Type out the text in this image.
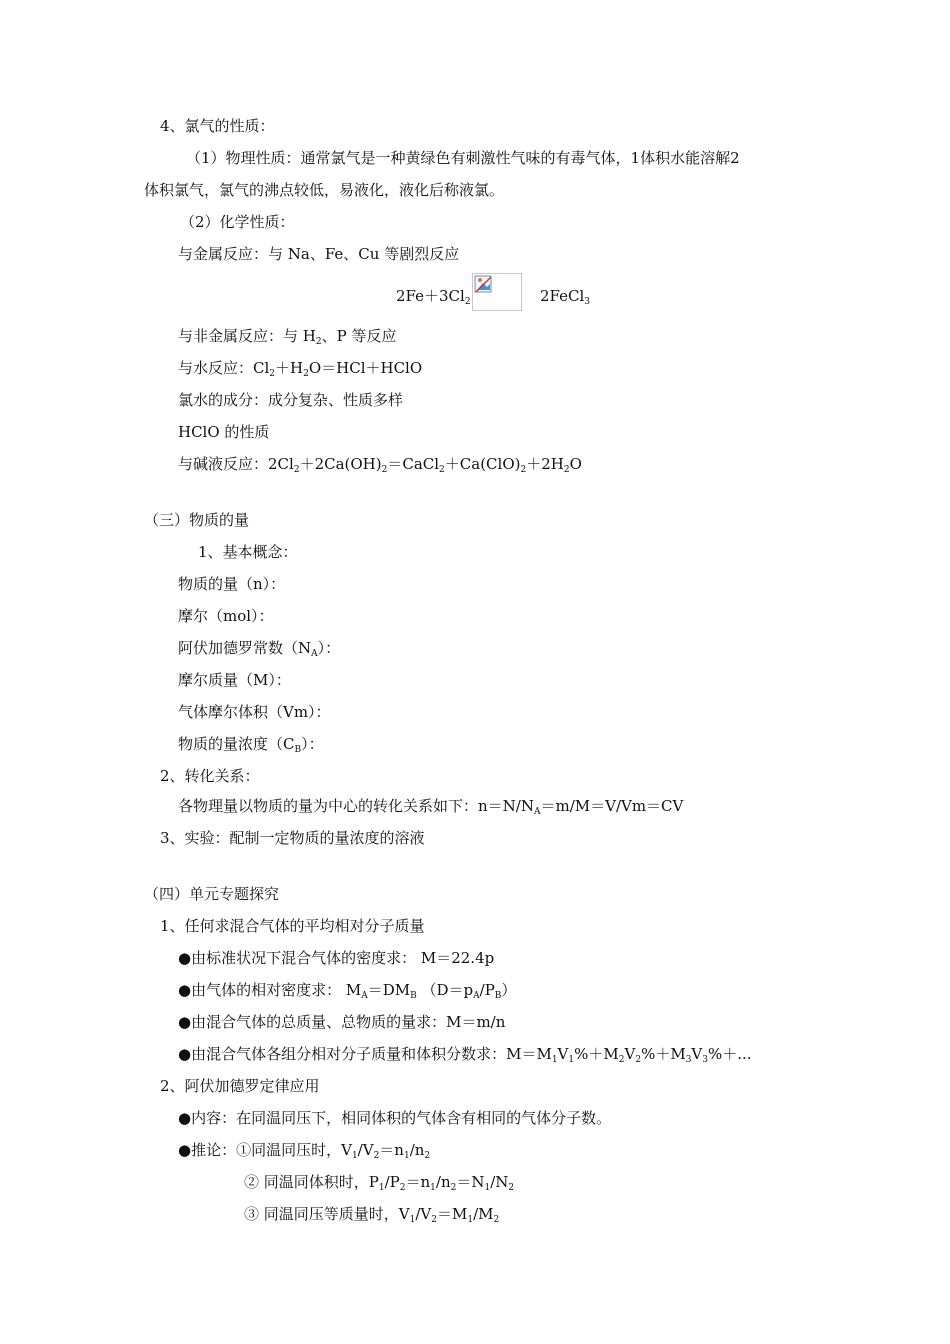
4、氯气的性质：
（1）物理性质：通常氯气是一种黄绿色有刺激性气味的有毒气体，1体积水能溶解2
体积氯气，氯气的沸点较低，易液化，液化后称液氯。
（2）化学性质：
与金属反应：与 Na、Fe、Cu 等剧烈反应
$2Fe+3Cl_2$	2FeCl$_3$
与非金属反应：与 $H_2$、P 等反应
与水反应：$Cl_2+H_2O=HCl+HClO$
氯水的成分：成分复杂、性质多样
HClO 的性质
与碱液反应：$2Cl_2+2Ca(OH)_2=CaCl_2+Ca(ClO)_2+2H_2O$
（三）物质的量
1、基本概念：
物质的量（n）：
摩尔（mol）：
阿伏加德罗常数$(N_A)$：
摩尔质量（M）：
气体摩尔体积（Vm）：
物质的量浓度$(C_B)$：
2、转化关系：
各物理量以物质的量为中心的转化关系如下：$n=N/N_A=m/M=V/Vm=CV$
3、实验：配制一定物质的量浓度的溶液
（四）单元专题探究
1、任何求混合气体的平均相对分子质量
●由标准状况下混合气体的密度求： M＝22.4p
●由气体的相对密度求： $M_A=DM_B$ $(D=p_A/P_B)$
●由混合气体的总质量、总物质的量求：M＝m/n
●由混合气体各组分相对分子质量和体积分数求：$M=M_1V_1\%+M_2V_2\%+M_3V_3\%+$...
2、阿伏加德罗定律应用
●内容：在同温同压下，相同体积的气体含有相同的气体分子数。
●推论：①同温同压时，$V_1/V_2=n_1/n_2$
② 同温同体积时，$P_1/P_2=n_1/n_2=N_1/N_2$
③ 同温同压等质量时，$V_1/V_2=M_1/M_2$
